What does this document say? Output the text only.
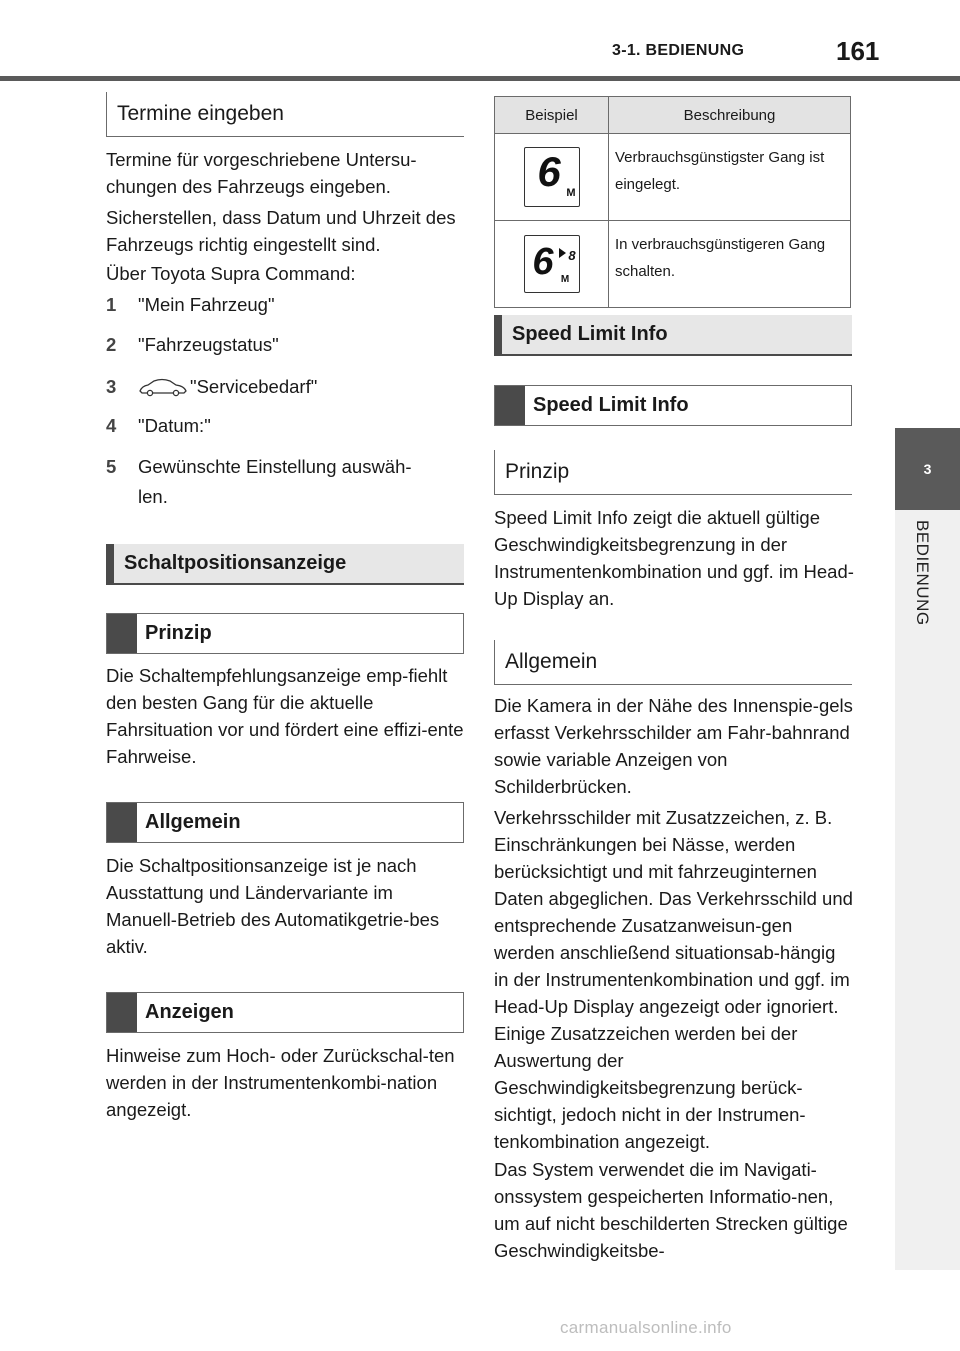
3-1. BEDIENUNG	161
3
BEDIENUNG
Termine eingeben
Termine für vorgeschriebene Untersu-chungen des Fahrzeugs eingeben.
Sicherstellen, dass Datum und Uhrzeit des Fahrzeugs richtig eingestellt sind.
Über Toyota Supra Command:
1	"Mein Fahrzeug"
2	"Fahrzeugstatus"
3	"Servicebedarf"
4	"Datum:"
5	Gewünschte Einstellung auswäh-len.
Schaltpositionsanzeige
Prinzip
Die Schaltempfehlungsanzeige emp-fiehlt den besten Gang für die aktuelle Fahrsituation vor und fördert eine effizi-ente Fahrweise.
Allgemein
Die Schaltpositionsanzeige ist je nach Ausstattung und Ländervariante im Manuell-Betrieb des Automatikgetrie-bes aktiv.
Anzeigen
Hinweise zum Hoch- oder Zurückschal-ten werden in der Instrumentenkombi-nation angezeigt.
Beispiel	Beschreibung

6 M	Verbrauchsgünstigster Gang ist eingelegt.

6 8
M	In verbrauchsgünstigeren Gang schalten.
Speed Limit Info
Speed Limit Info
Prinzip
Speed Limit Info zeigt die aktuell gültige Geschwindigkeitsbegrenzung in der Instrumentenkombination und ggf. im Head-Up Display an.
Allgemein
Die Kamera in der Nähe des Innenspie-gels erfasst Verkehrsschilder am Fahr-bahnrand sowie variable Anzeigen von Schilderbrücken.
Verkehrsschilder mit Zusatzzeichen, z. B. Einschränkungen bei Nässe, werden berücksichtigt und mit fahrzeuginternen Daten abgeglichen. Das Verkehrsschild und entsprechende Zusatzanweisun-gen werden anschließend situationsab-hängig in der Instrumentenkombination und ggf. im Head-Up Display angezeigt oder ignoriert. Einige Zusatzzeichen werden bei der Auswertung der Geschwindigkeitsbegrenzung berück-sichtigt, jedoch nicht in der Instrumen-tenkombination angezeigt.
Das System verwendet die im Navigati-onssystem gespeicherten Informatio-nen, um auf nicht beschilderten Strecken gültige Geschwindigkeitsbe-
carmanualsonline.info
